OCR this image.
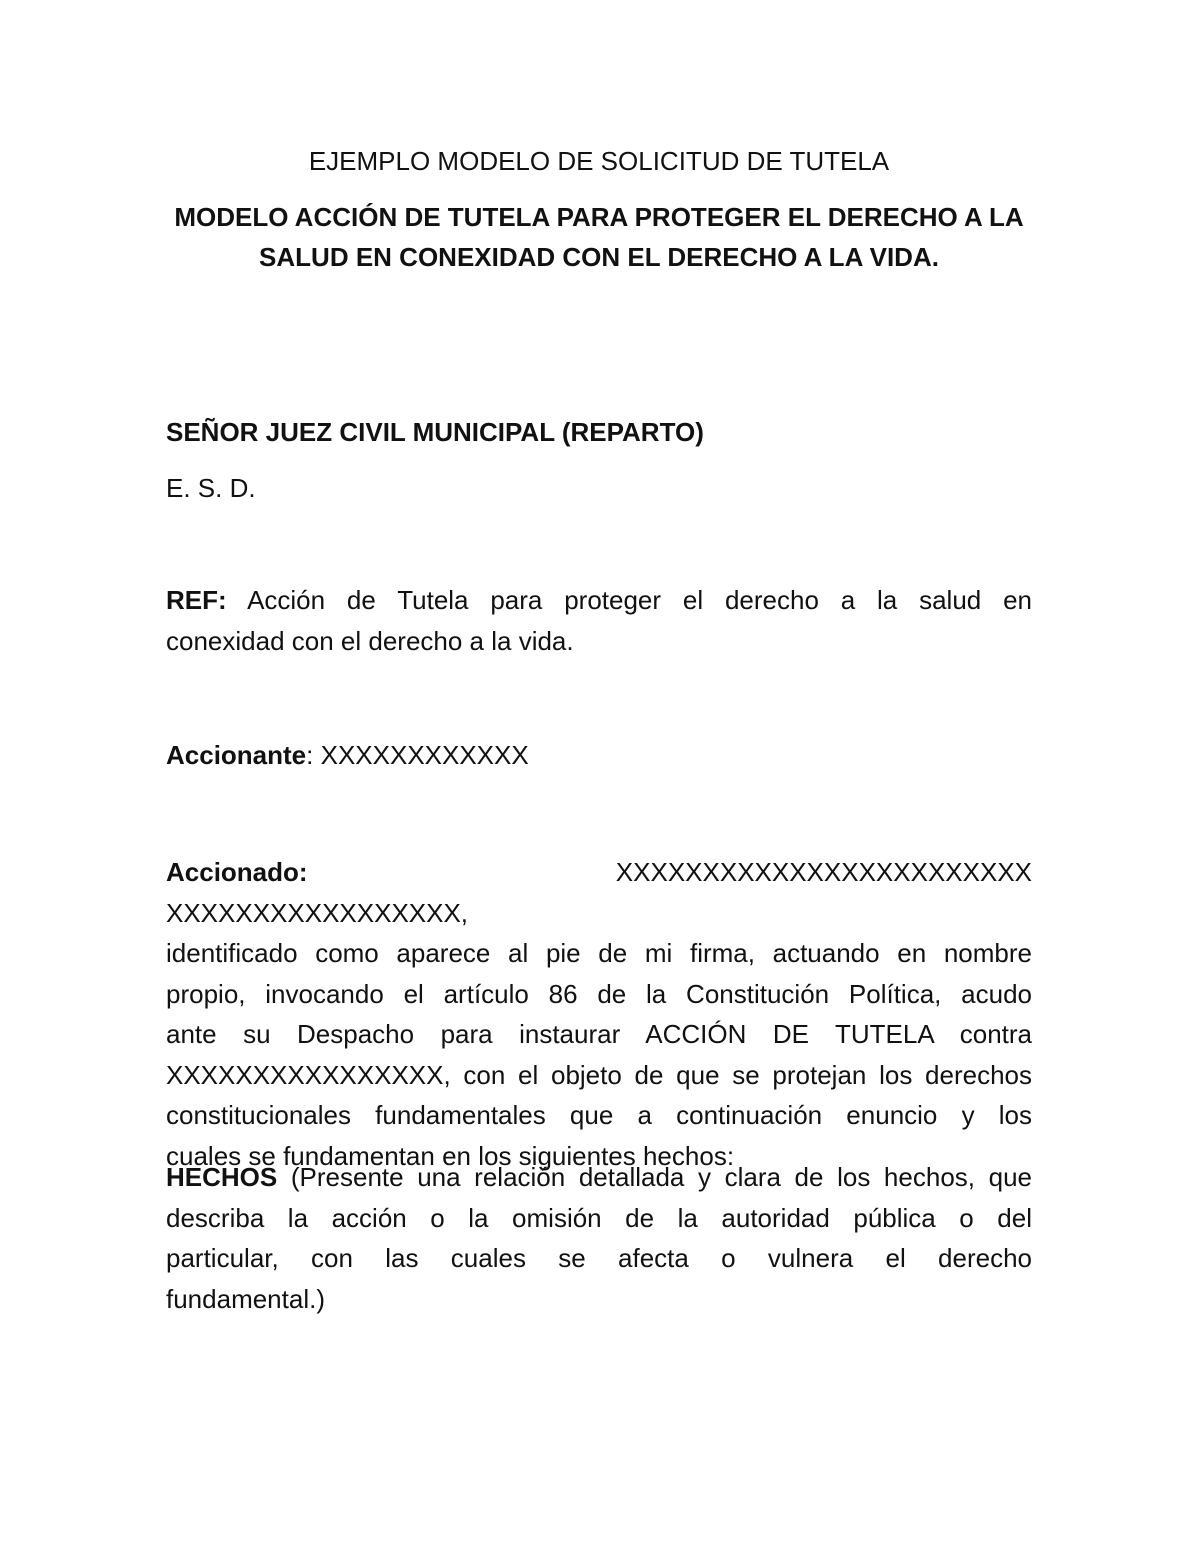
EJEMPLO MODELO DE SOLICITUD DE TUTELA

MODELO ACCIÓN DE TUTELA PARA PROTEGER EL DERECHO A LA
SALUD EN CONEXIDAD CON EL DERECHO A LA VIDA.

SEÑOR JUEZ CIVIL MUNICIPAL (REPARTO)
E. S. D.
REF: Acción de Tutela para proteger el derecho a la salud en
conexidad con el derecho a la vida.
Accionante: XXXXXXXXXXXX
Accionado:	XXXXXXXXXXXXXXXXXXXXXXXX XXXXXXXXXXXXXXXXX,
identificado como aparece al pie de mi firma, actuando en nombre
propio, invocando el artículo 86 de la Constitución Política, acudo
ante su Despacho para instaurar ACCIÓN DE TUTELA contra
XXXXXXXXXXXXXXXX, con el objeto de que se protejan los derechos
constitucionales fundamentales que a continuación enuncio y los
cuales se fundamentan en los siguientes hechos:
HECHOS (Presente una relación detallada y clara de los hechos, que
describa la acción o la omisión de la autoridad pública o del
particular, con las cuales se afecta o vulnera el derecho
fundamental.)
